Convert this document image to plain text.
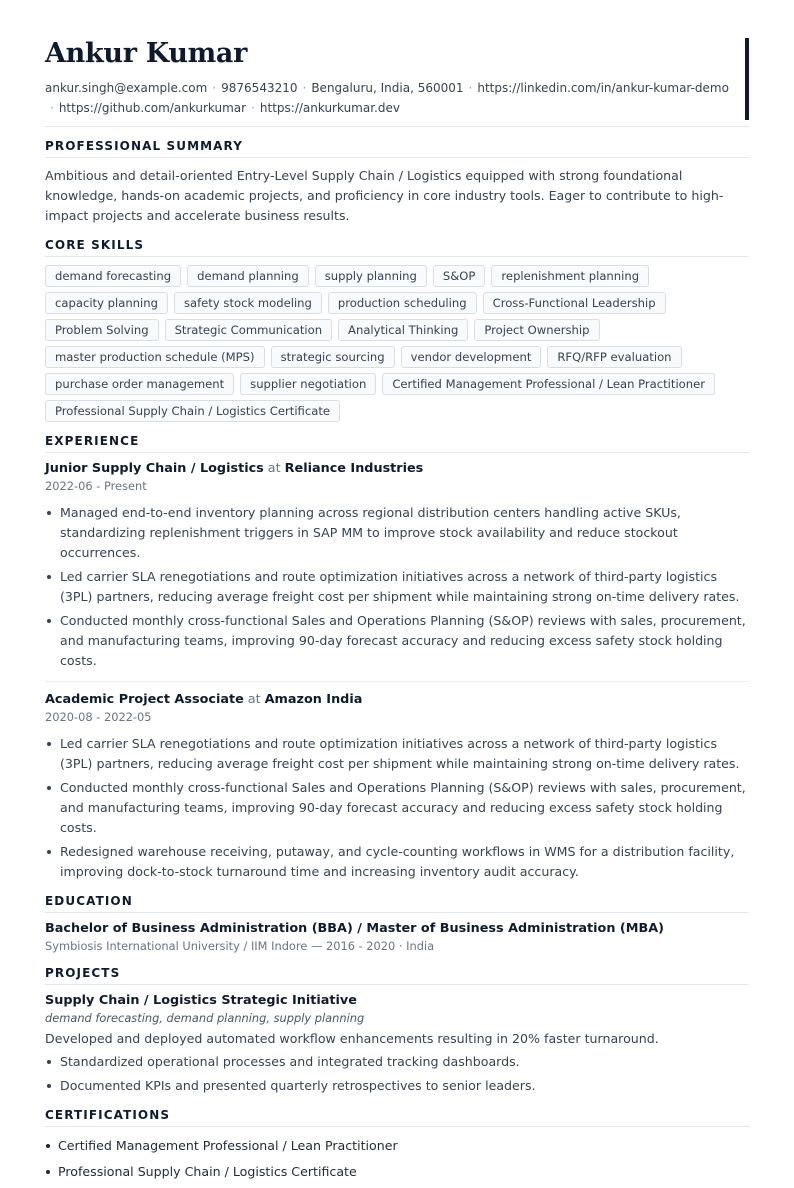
Ankur Kumar
ankur.singh@example.com · 9876543210 · Bengaluru, India, 560001 · https://linkedin.com/in/ankur-kumar-demo
· https://github.com/ankurkumar · https://ankurkumar.dev
PROFESSIONAL SUMMARY

Ambitious and detail-oriented Entry-Level Supply Chain / Logistics equipped with strong foundational knowledge, hands-on academic projects, and proficiency in core industry tools. Eager to contribute to high-impact projects and accelerate business results.

CORE SKILLS
demand forecasting	demand planning	supply planning	S&OP	replenishment planning
capacity planning	safety stock modeling	production scheduling	Cross-Functional Leadership
Problem Solving	Strategic Communication	Analytical Thinking	Project Ownership
master production schedule (MPS)	strategic sourcing	vendor development	RFQ/RFP evaluation
purchase order management	supplier negotiation	Certified Management Professional / Lean Practitioner
Professional Supply Chain / Logistics Certificate
EXPERIENCE
Junior Supply Chain / Logistics at Reliance Industries
2022-06 - Present
Managed end-to-end inventory planning across regional distribution centers handling active SKUs, standardizing replenishment triggers in SAP MM to improve stock availability and reduce stockout occurrences.
Led carrier SLA renegotiations and route optimization initiatives across a network of third-party logistics (3PL) partners, reducing average freight cost per shipment while maintaining strong on-time delivery rates.
Conducted monthly cross-functional Sales and Operations Planning (S&OP) reviews with sales, procurement, and manufacturing teams, improving 90-day forecast accuracy and reducing excess safety stock holding costs.
Academic Project Associate at Amazon India
2020-08 - 2022-05
Led carrier SLA renegotiations and route optimization initiatives across a network of third-party logistics (3PL) partners, reducing average freight cost per shipment while maintaining strong on-time delivery rates.
Conducted monthly cross-functional Sales and Operations Planning (S&OP) reviews with sales, procurement, and manufacturing teams, improving 90-day forecast accuracy and reducing excess safety stock holding costs.
Redesigned warehouse receiving, putaway, and cycle-counting workflows in WMS for a distribution facility, improving dock-to-stock turnaround time and increasing inventory audit accuracy.
EDUCATION
Bachelor of Business Administration (BBA) / Master of Business Administration (MBA)
Symbiosis International University / IIM Indore — 2016 - 2020 · India
PROJECTS
Supply Chain / Logistics Strategic Initiative
demand forecasting, demand planning, supply planning
Developed and deployed automated workflow enhancements resulting in 20% faster turnaround.
Standardized operational processes and integrated tracking dashboards.
Documented KPIs and presented quarterly retrospectives to senior leaders.
CERTIFICATIONS
Certified Management Professional / Lean Practitioner
Professional Supply Chain / Logistics Certificate
